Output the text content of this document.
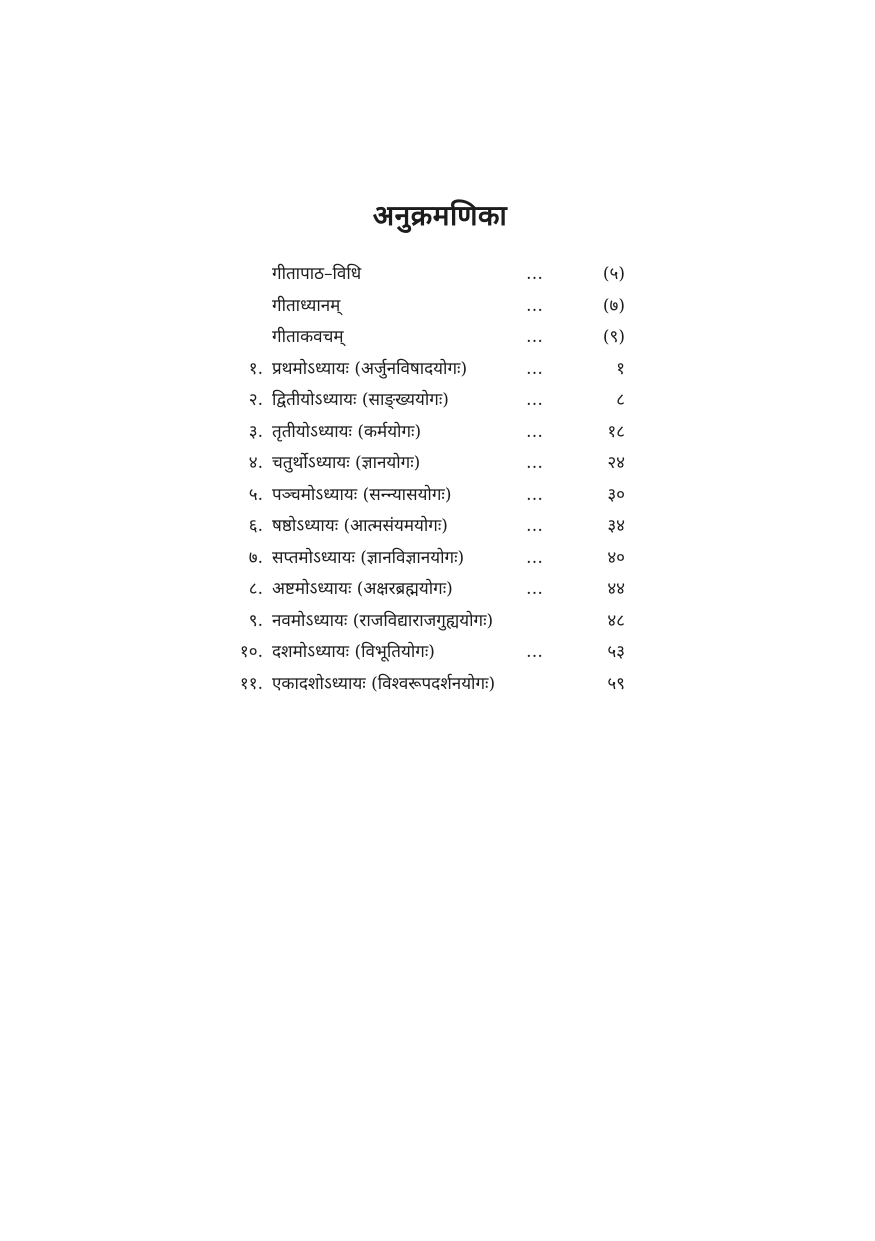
अनुक्रमणिका
गीतापाठ–विधि	…	(५)
गीताध्यानम्	…	(७)
गीताकवचम्	…	(९)
१. प्रथमोऽध्यायः (अर्जुनविषादयोगः)	…	१
२. द्वितीयोऽध्यायः (साङ्ख्ययोगः)	…	८
३. तृतीयोऽध्यायः (कर्मयोगः)	…	१८
४. चतुर्थोऽध्यायः (ज्ञानयोगः)	…	२४
५. पञ्चमोऽध्यायः (सन्न्यासयोगः)	…	३०
६. षष्ठोऽध्यायः (आत्मसंयमयोगः)	…	३४
७. सप्तमोऽध्यायः (ज्ञानविज्ञानयोगः)	…	४०
८. अष्टमोऽध्यायः (अक्षरब्रह्मयोगः)	…	४४
९. नवमोऽध्यायः (राजविद्याराजगुह्ययोगः)	४८
१०. दशमोऽध्यायः (विभूतियोगः)	…	५३
११. एकादशोऽध्यायः (विश्वरूपदर्शनयोगः)	५९
